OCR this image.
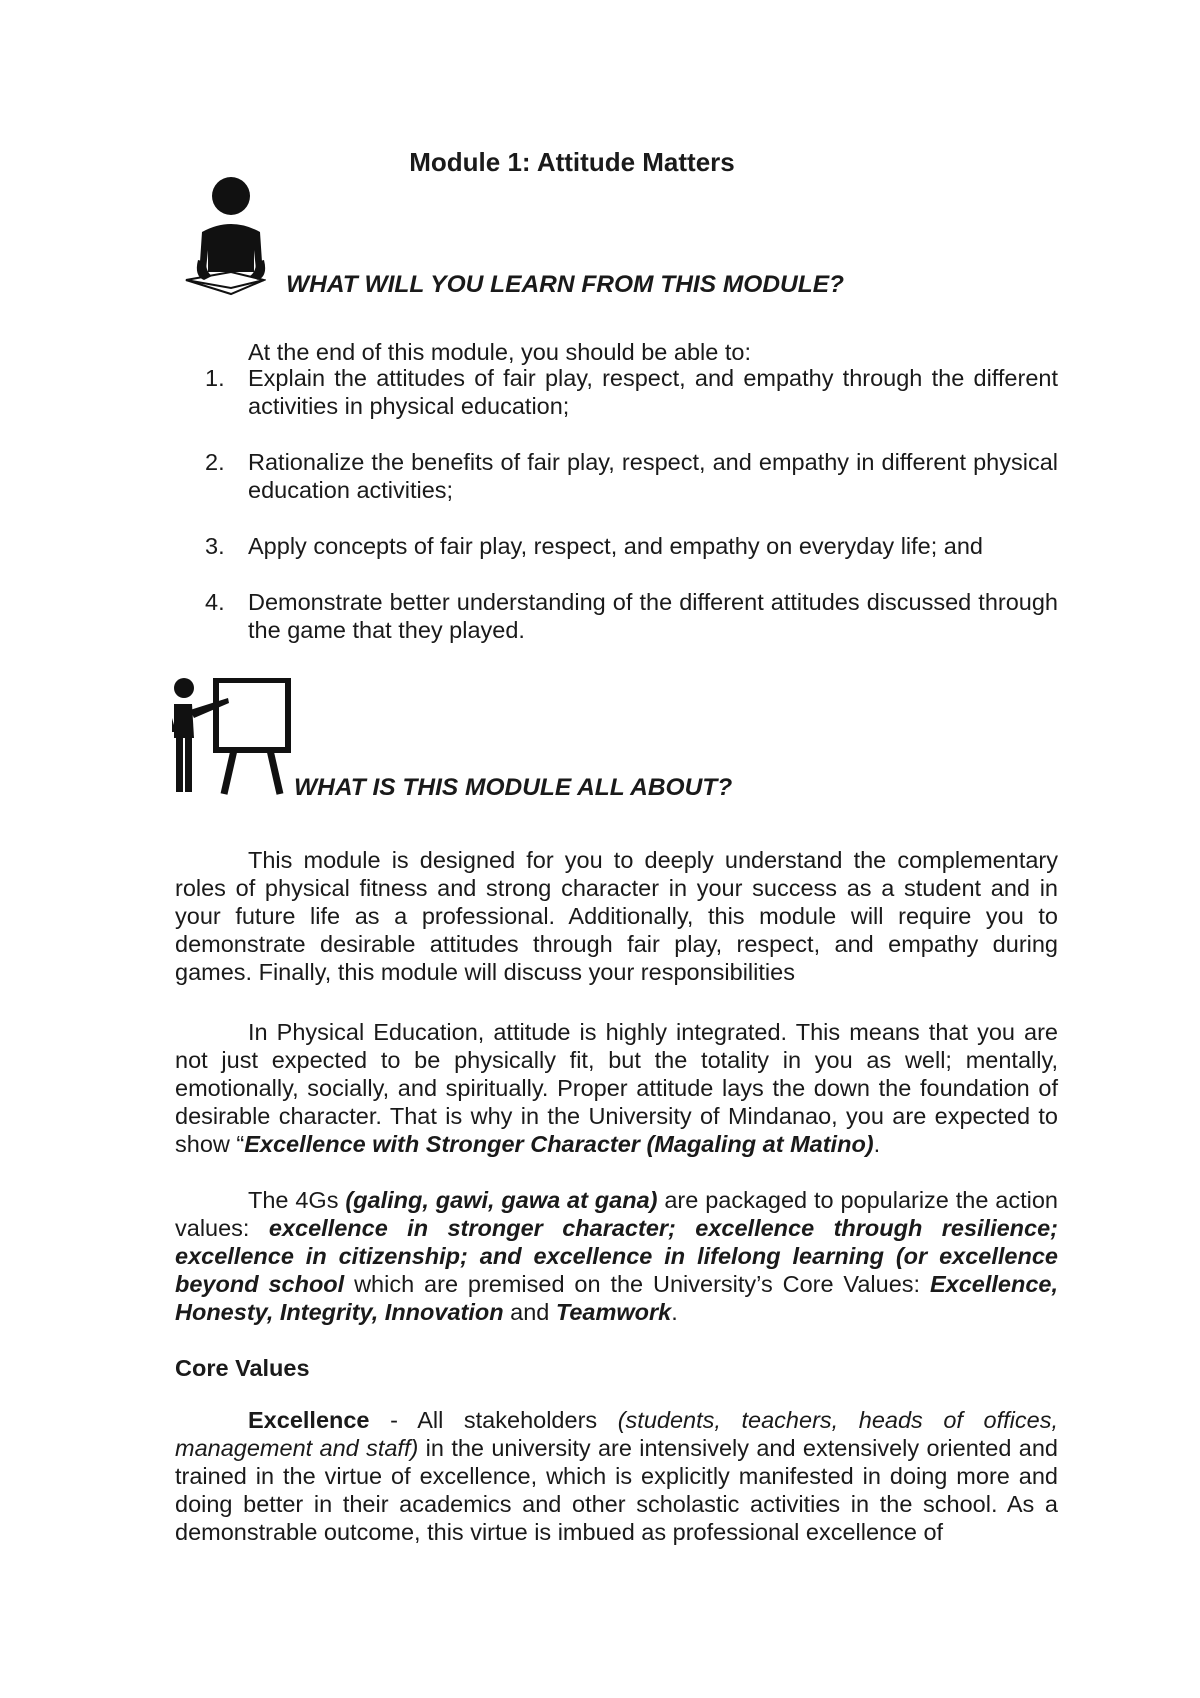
Module 1: Attitude Matters
WHAT WILL YOU LEARN FROM THIS MODULE?
At the end of this module, you should be able to:
1. Explain the attitudes of fair play, respect, and empathy through the different activities in physical education;
2. Rationalize the benefits of fair play, respect, and empathy in different physical education activities;
3. Apply concepts of fair play, respect, and empathy on everyday life; and
4. Demonstrate better understanding of the different attitudes discussed through the game that they played.
WHAT IS THIS MODULE ALL ABOUT?

This module is designed for you to deeply understand the complementary roles of physical fitness and strong character in your success as a student and in your future life as a professional. Additionally, this module will require you to demonstrate desirable attitudes through fair play, respect, and empathy during games. Finally, this module will discuss your responsibilities

In Physical Education, attitude is highly integrated. This means that you are not just expected to be physically fit, but the totality in you as well; mentally, emotionally, socially, and spiritually. Proper attitude lays the down the foundation of desirable character. That is why in the University of Mindanao, you are expected to show “Excellence with Stronger Character (Magaling at Matino).

The 4Gs (galing, gawi, gawa at gana) are packaged to popularize the action values: excellence in stronger character; excellence through resilience; excellence in citizenship; and excellence in lifelong learning (or excellence beyond school which are premised on the University’s Core Values: Excellence, Honesty, Integrity, Innovation and Teamwork.

Core Values

Excellence - All stakeholders (students, teachers, heads of offices, management and staff) in the university are intensively and extensively oriented and trained in the virtue of excellence, which is explicitly manifested in doing more and doing better in their academics and other scholastic activities in the school. As a demonstrable outcome, this virtue is imbued as professional excellence of
